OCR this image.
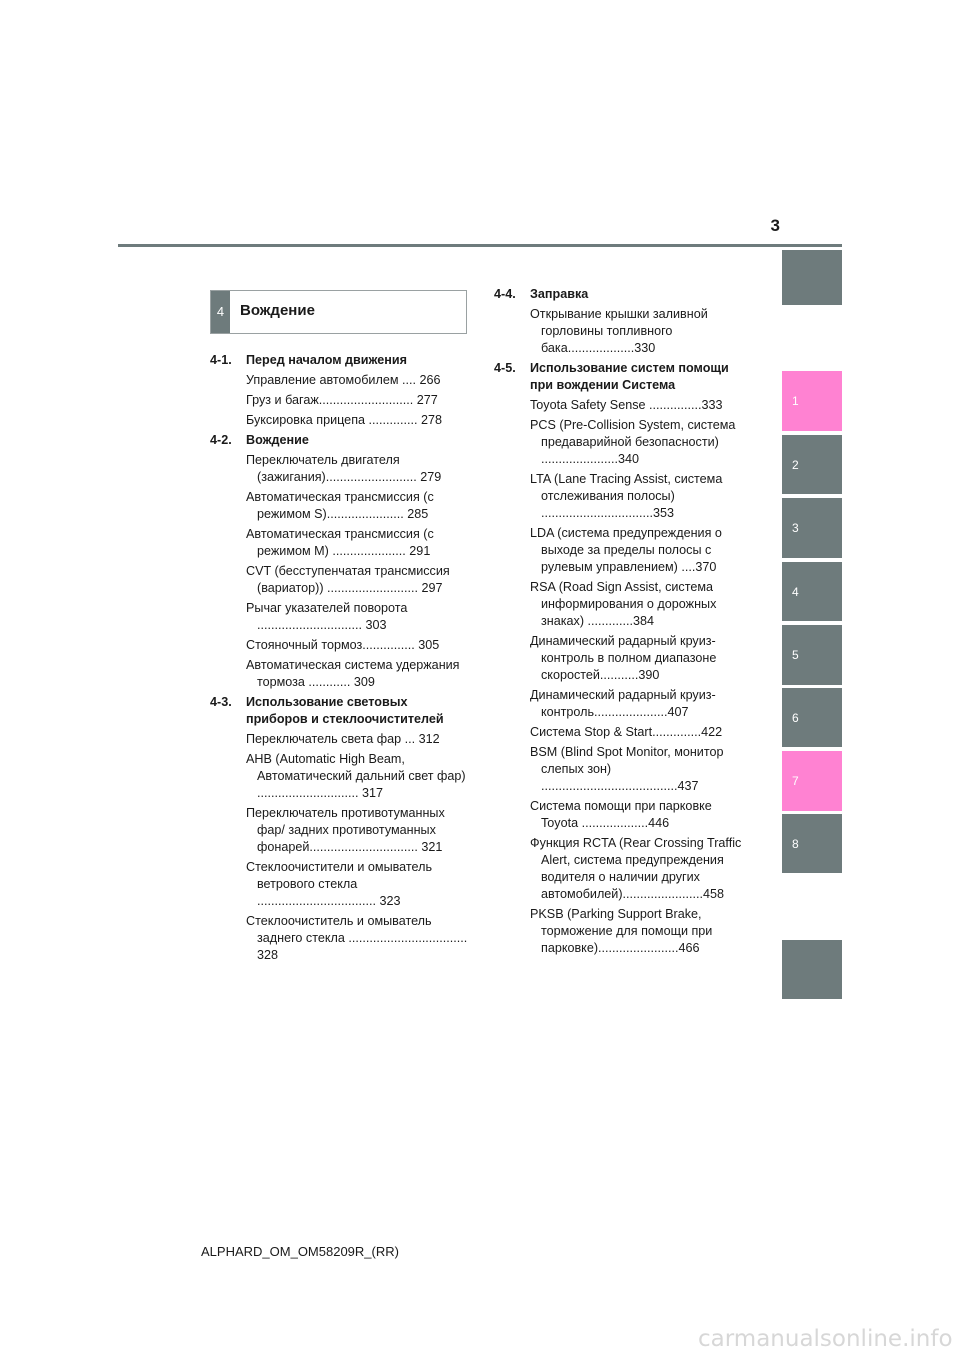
3
1
2
3
4
5
6
7
8
4	Вождение
4-1.	Перед началом движения
Управление автомобилем .... 266
Груз и багаж........................... 277
Буксировка прицепа .............. 278
4-2.	Вождение
Переключатель двигателя (зажигания).......................... 279
Автоматическая трансмиссия (с режимом S)...................... 285
Автоматическая трансмиссия (с режимом M) ..................... 291
CVT (бесступенчатая трансмиссия (вариатор)) .......................... 297
Рычаг указателей поворота .............................. 303
Стояночный тормоз............... 305
Автоматическая система удержания тормоза ............ 309
4-3.	Использование световых приборов и стеклоочистителей
Переключатель света фар ... 312
AHB (Automatic High Beam, Автоматический дальний свет фар) ............................. 317
Переключатель противотуманных фар/ задних противотуманных фонарей............................... 321
Стеклоочистители и омыватель ветрового стекла .................................. 323
Стеклоочиститель и омыватель заднего стекла .................................. 328
4-4.	Заправка
Открывание крышки заливной горловины топливного бака...................330
4-5.	Использование систем помощи при вождении Система
Toyota Safety Sense ...............333
PCS (Pre-Collision System, система предаварийной безопасности) ......................340
LTA (Lane Tracing Assist, система отслеживания полосы) ................................353
LDA (система предупреждения о выходе за пределы полосы с рулевым управлением) ....370
RSA (Road Sign Assist, система информирования о дорожных знаках) .............384
Динамический радарный круиз-контроль в полном диапазоне скоростей...........390
Динамический радарный круиз-контроль.....................407
Система Stop & Start..............422
BSM (Blind Spot Monitor, монитор слепых зон) .......................................437
Система помощи при парковке Toyota ...................446
Функция RCTA (Rear Crossing Traffic Alert, система предупреждения водителя о наличии других автомобилей).......................458
PKSB (Parking Support Brake, торможение для помощи при парковке).......................466
ALPHARD_OM_OM58209R_(RR)
carmanualsonline.info
